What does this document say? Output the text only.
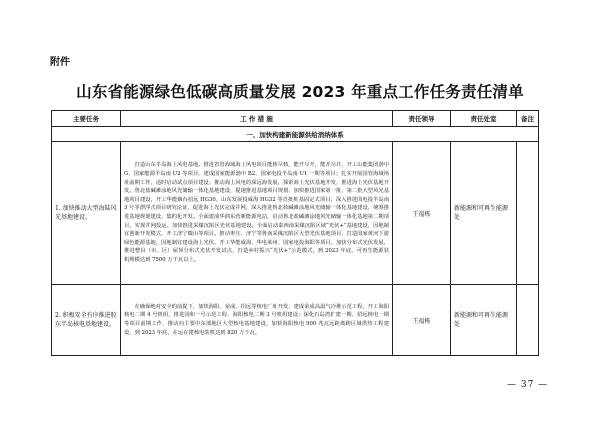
附件
山东省能源绿色低碳高质量发展 2023 年重点工作任务责任清单
主要任务	工 作 措 施	责任领导	责任处室	备注
一、加快构建新能源供给消纳体系				
1. 加快推动大型海陆风光基地建设。	打造山东半岛海上风电基地。推进省管海域海上风电项目能核尽核，能开尽开，能并尽并，开工山能集团渤中 G、国家能源半岛南 U2 等项目，建成国家能源渤中 B2、国家电投半岛南 U1 一期等项目；扎实开展国管海域场址前期工作，适时启动试点项目建设；推动海上风电的深远海发展，探索海上光伏基地开发，推进海上光伏基地开发。鲁北盐碱滩涂地风光储输一体化基地建设，提速推进基地项目规划，加快推进国家第一批、第二批大型风光基地项目建设，开工华能烟台招远 HG30、山东发展投威海 HG32 等首批桩基固定式项目；深入推进国电投半岛南 3 号等漂浮式项目研究论证，促进海上光伏完成并网，深入推进鲁北盐碱滩涂地风光储输一体化基地建设，统筹推进基地规划建设，集约化开发。全面建成华润东营新能源电站，启动鲁北盐碱滩涂地风光储输一体化基地第二期项目，实现并网投运。加快推进采煤沉陷区光伏基地建设。全面启动泰西南采煤沉陷区域“光伏+”基地建设，因地制宜创新开发模式，开工济宁微山等项目。推动枣庄、济宁等鲁南采煤沉陷区大型光伏基地项目，打造国家黄河下游绿色能源基地，因地制宜建设海上光伏，开工华能威海、华电莱州、国家电投海阳等项目。加快分布式光伏发展，推进整县（市、区）屋顶分布式光伏开发试点，打造乡村振兴“光伏+”示范模式，到 2023 年底，可再生能源装机规模达到 7500 万千瓦以上。	王福栋	新能源和可再生能源处	
2. 积极安全有序推进胶东半岛核电基地建设。	在确保绝对安全的前提下，加快海阳、荣成、招远等核电厂址开发，建成荣成高温气冷堆示范工程，开工海阳核电二期 4 号机组，推进国和一号示范工程、海阳核电二期 3 号机组建设；深化石岛湾扩建一期、招远核电一期等项目前期工作，推动向主要中东部地区大型核电基地建设，加快海阳核电 900 兆瓦远距离跨区域供热工程建设，到 2023 年底，在运在建核电装机达到 820 万千瓦。	王福栋	新能源和可再生能源处	
— 37 —
